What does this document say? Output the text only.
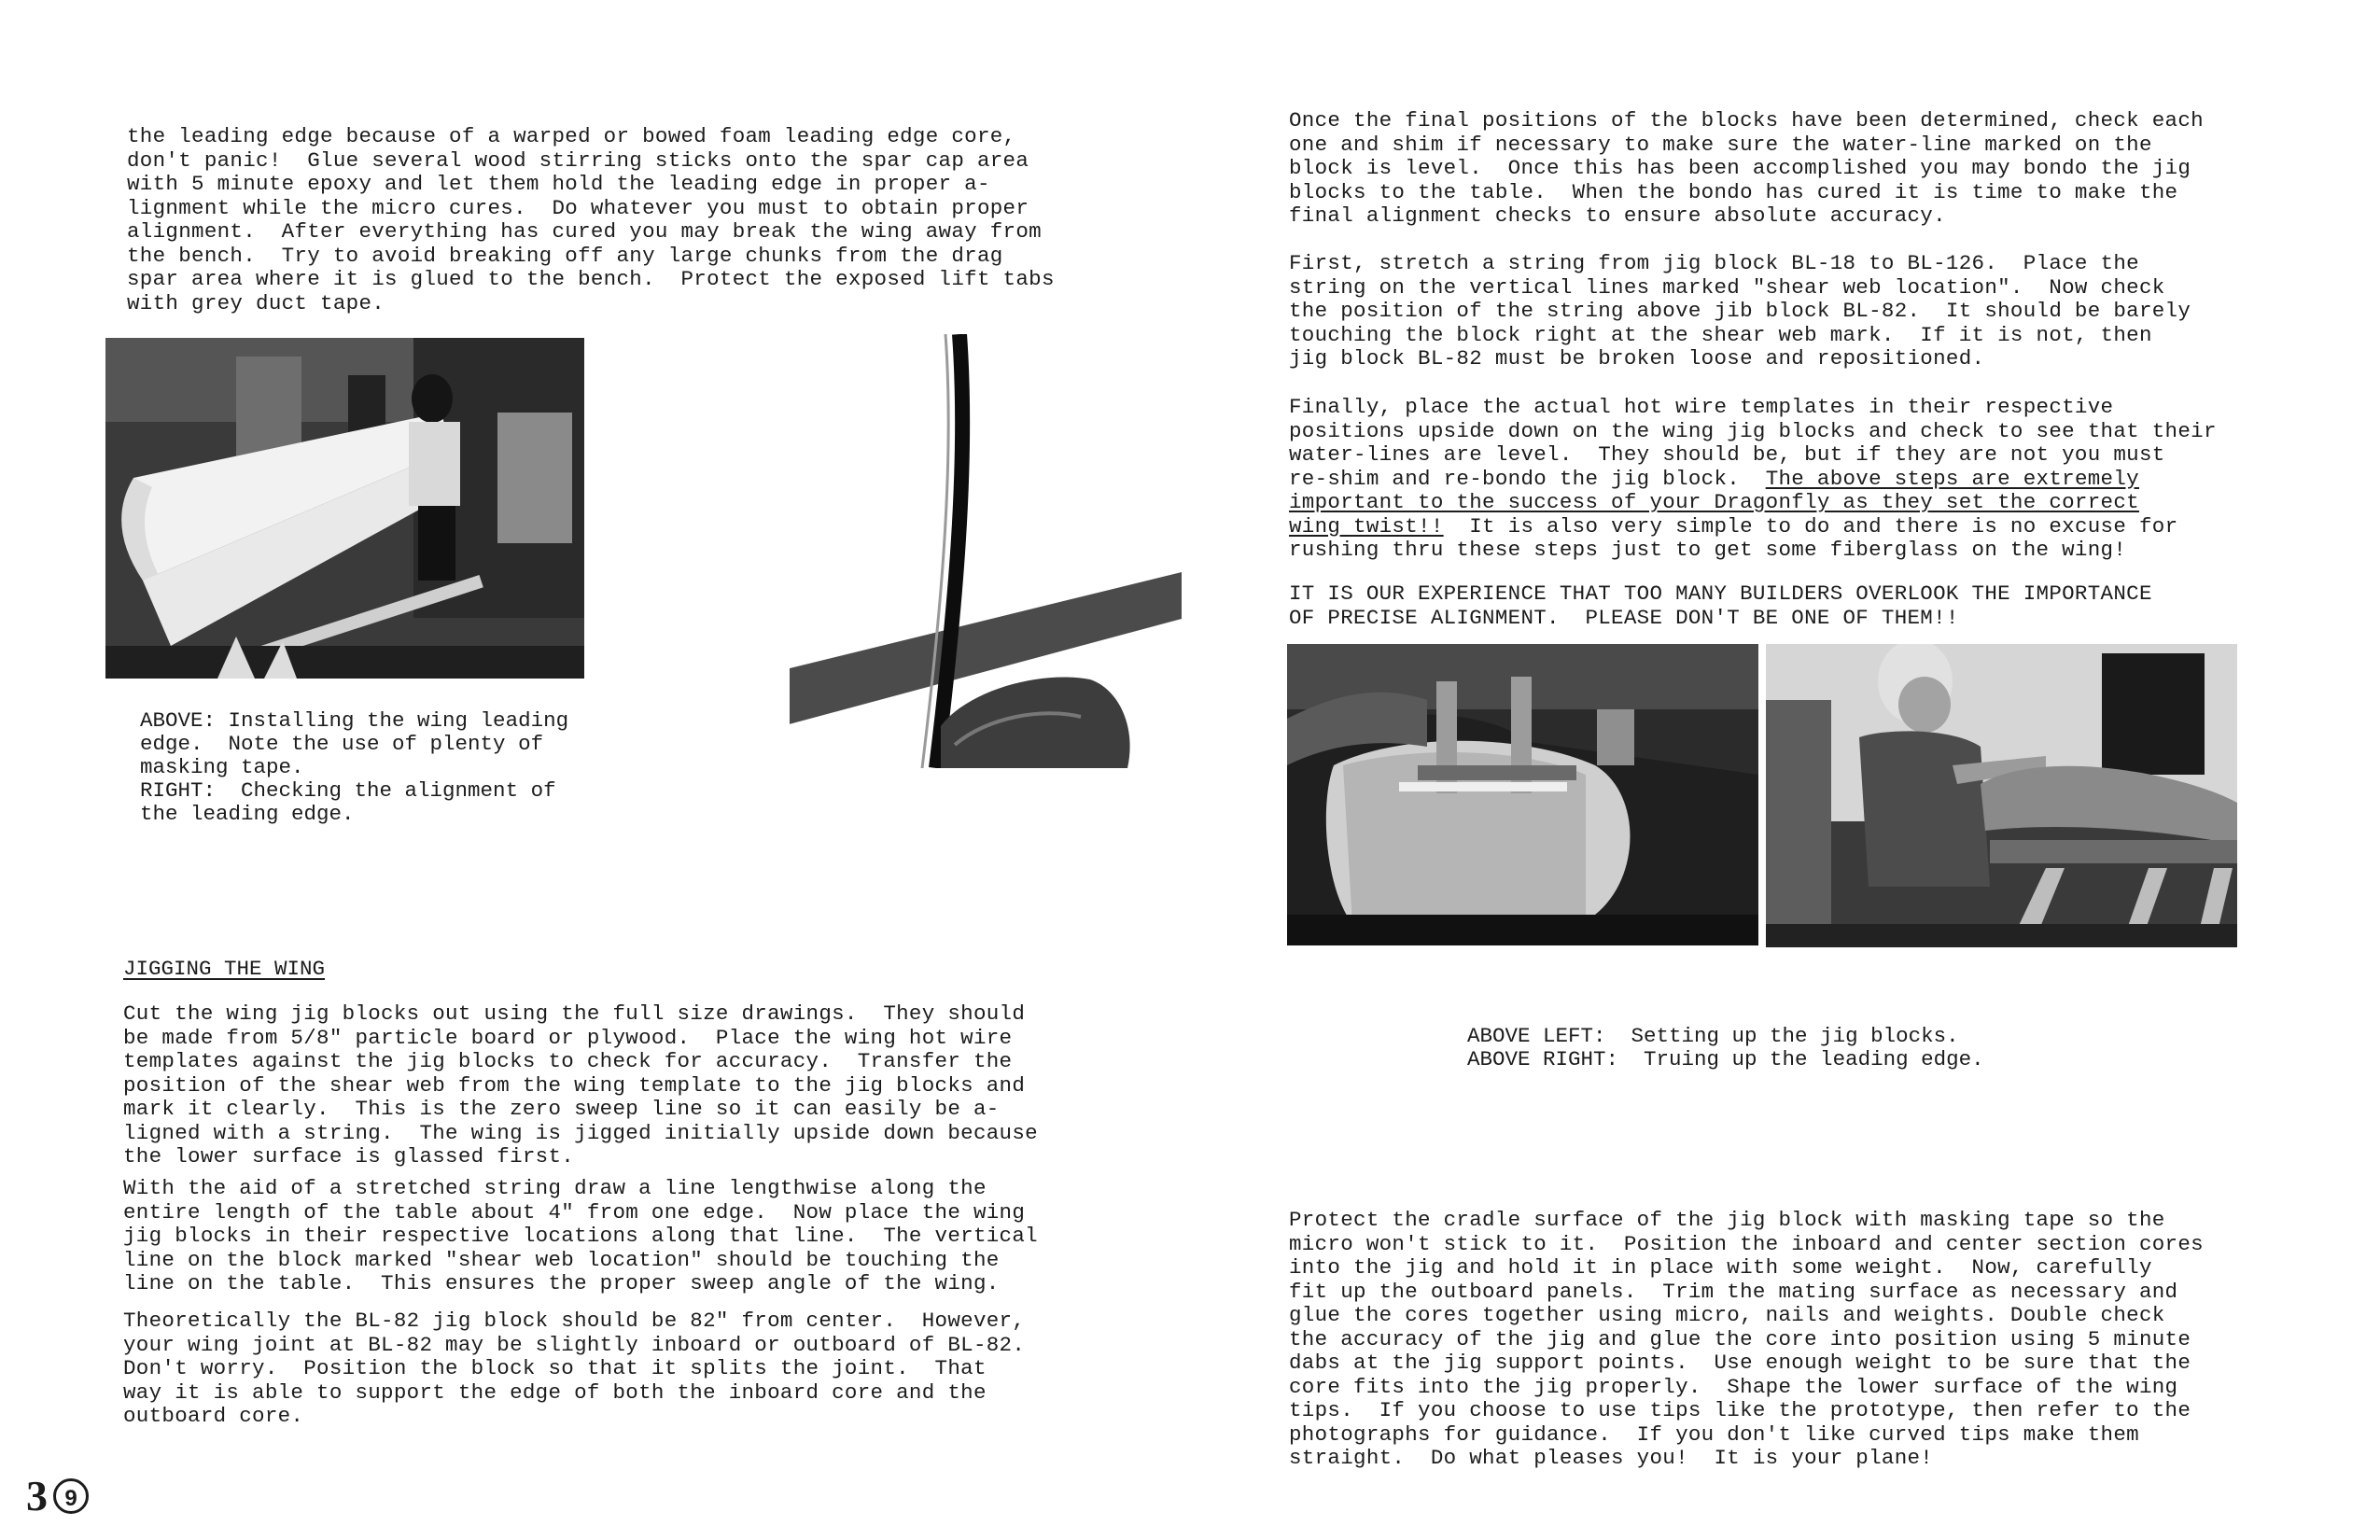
the leading edge because of a warped or bowed foam leading edge core,
don't panic!  Glue several wood stirring sticks onto the spar cap area
with 5 minute epoxy and let them hold the leading edge in proper a-
lignment while the micro cures.  Do whatever you must to obtain proper
alignment.  After everything has cured you may break the wing away from
the bench.  Try to avoid breaking off any large chunks from the drag
spar area where it is glued to the bench.  Protect the exposed lift tabs
with grey duct tape.
ABOVE: Installing the wing leading
edge.  Note the use of plenty of
masking tape.
RIGHT:  Checking the alignment of
the leading edge.
JIGGING THE WING
Cut the wing jig blocks out using the full size drawings.  They should
be made from 5/8" particle board or plywood.  Place the wing hot wire
templates against the jig blocks to check for accuracy.  Transfer the
position of the shear web from the wing template to the jig blocks and
mark it clearly.  This is the zero sweep line so it can easily be a-
ligned with a string.  The wing is jigged initially upside down because
the lower surface is glassed first.
With the aid of a stretched string draw a line lengthwise along the
entire length of the table about 4" from one edge.  Now place the wing
jig blocks in their respective locations along that line.  The vertical
line on the block marked "shear web location" should be touching the
line on the table.  This ensures the proper sweep angle of the wing.
Theoretically the BL-82 jig block should be 82" from center.  However,
your wing joint at BL-82 may be slightly inboard or outboard of BL-82.
Don't worry.  Position the block so that it splits the joint.  That
way it is able to support the edge of both the inboard core and the
outboard core.
3 9
Once the final positions of the blocks have been determined, check each
one and shim if necessary to make sure the water-line marked on the
block is level.  Once this has been accomplished you may bondo the jig
blocks to the table.  When the bondo has cured it is time to make the
final alignment checks to ensure absolute accuracy.
First, stretch a string from jig block BL-18 to BL-126.  Place the
string on the vertical lines marked "shear web location".  Now check
the position of the string above jib block BL-82.  It should be barely
touching the block right at the shear web mark.  If it is not, then
jig block BL-82 must be broken loose and repositioned.
Finally, place the actual hot wire templates in their respective
positions upside down on the wing jig blocks and check to see that their
water-lines are level.  They should be, but if they are not you must
re-shim and re-bondo the jig block.  The above steps are extremely
important to the success of your Dragonfly as they set the correct
wing twist!!  It is also very simple to do and there is no excuse for
rushing thru these steps just to get some fiberglass on the wing!
IT IS OUR EXPERIENCE THAT TOO MANY BUILDERS OVERLOOK THE IMPORTANCE
OF PRECISE ALIGNMENT.  PLEASE DON'T BE ONE OF THEM!!
ABOVE LEFT:  Setting up the jig blocks.
ABOVE RIGHT:  Truing up the leading edge.
Protect the cradle surface of the jig block with masking tape so the
micro won't stick to it.  Position the inboard and center section cores
into the jig and hold it in place with some weight.  Now, carefully
fit up the outboard panels.  Trim the mating surface as necessary and
glue the cores together using micro, nails and weights. Double check
the accuracy of the jig and glue the core into position using 5 minute
dabs at the jig support points.  Use enough weight to be sure that the
core fits into the jig properly.  Shape the lower surface of the wing
tips.  If you choose to use tips like the prototype, then refer to the
photographs for guidance.  If you don't like curved tips make them
straight.  Do what pleases you!  It is your plane!
